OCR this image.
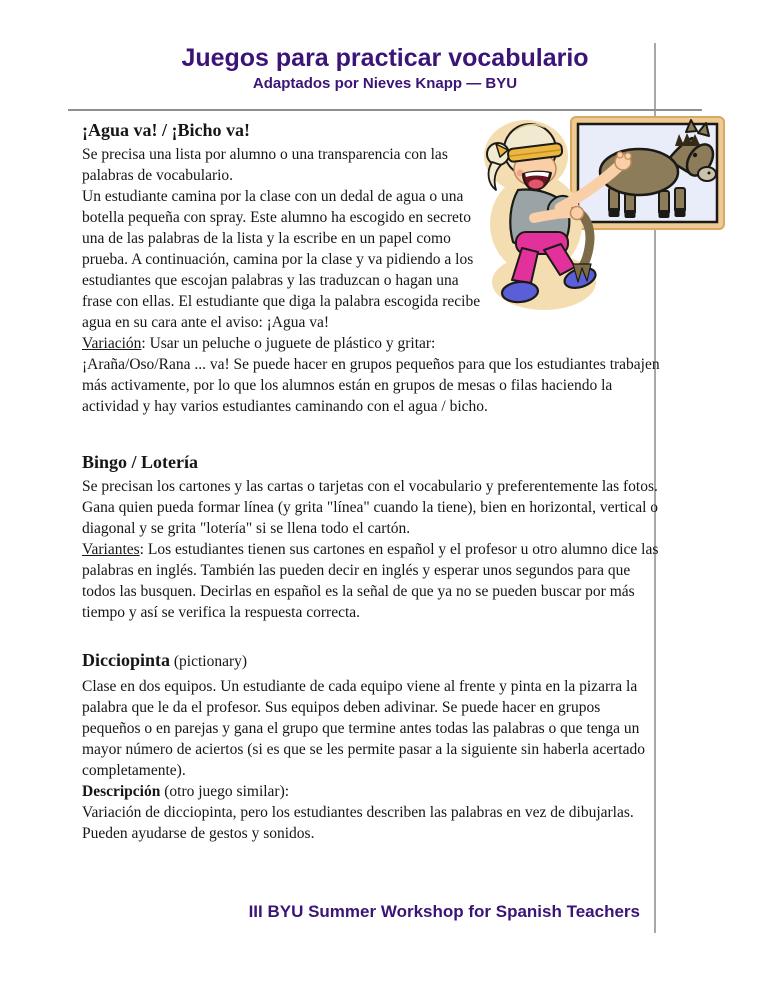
Juegos para practicar vocabulario
Adaptados por Nieves Knapp — BYU
¡Agua va! / ¡Bicho va!

Se precisa una lista por alumno o una transparencia con las palabras de vocabulario.

Un estudiante camina por la clase con un dedal de agua o una botella pequeña con spray. Este alumno ha escogido en secreto una de las palabras de la lista y la escribe en un papel como prueba. A continuación, camina por la clase y va pidiendo a los estudiantes que escojan palabras y las traduzcan o hagan una frase con ellas. El estudiante que diga la palabra escogida recibe agua en su cara ante el aviso: ¡Agua va!

Variación: Usar un peluche o juguete de plástico y gritar: ¡Araña/Oso/Rana ... va! Se puede hacer en grupos pequeños para que los estudiantes trabajen más activamente, por lo que los alumnos están en grupos de mesas o filas haciendo la actividad y hay varios estudiantes caminando con el agua / bicho.

Bingo / Lotería

Se precisan los cartones y las cartas o tarjetas con el vocabulario y preferentemente las fotos. Gana quien pueda formar línea (y grita "línea" cuando la tiene), bien en horizontal, vertical o diagonal y se grita "lotería" si se llena todo el cartón.

Variantes: Los estudiantes tienen sus cartones en español y el profesor u otro alumno dice las palabras en inglés. También las pueden decir en inglés y esperar unos segundos para que todos las busquen. Decirlas en español es la señal de que ya no se pueden buscar por más tiempo y así se verifica la respuesta correcta.

Dicciopinta (pictionary)

Clase en dos equipos. Un estudiante de cada equipo viene al frente y pinta en la pizarra la palabra que le da el profesor. Sus equipos deben adivinar. Se puede hacer en grupos pequeños o en parejas y gana el grupo que termine antes todas las palabras o que tenga un mayor número de aciertos (si es que se les permite pasar a la siguiente sin haberla acertado completamente).

Descripción (otro juego similar):

Variación de dicciopinta, pero los estudiantes describen las palabras en vez de dibujarlas. Pueden ayudarse de gestos y sonidos.

III BYU Summer Workshop for Spanish Teachers
